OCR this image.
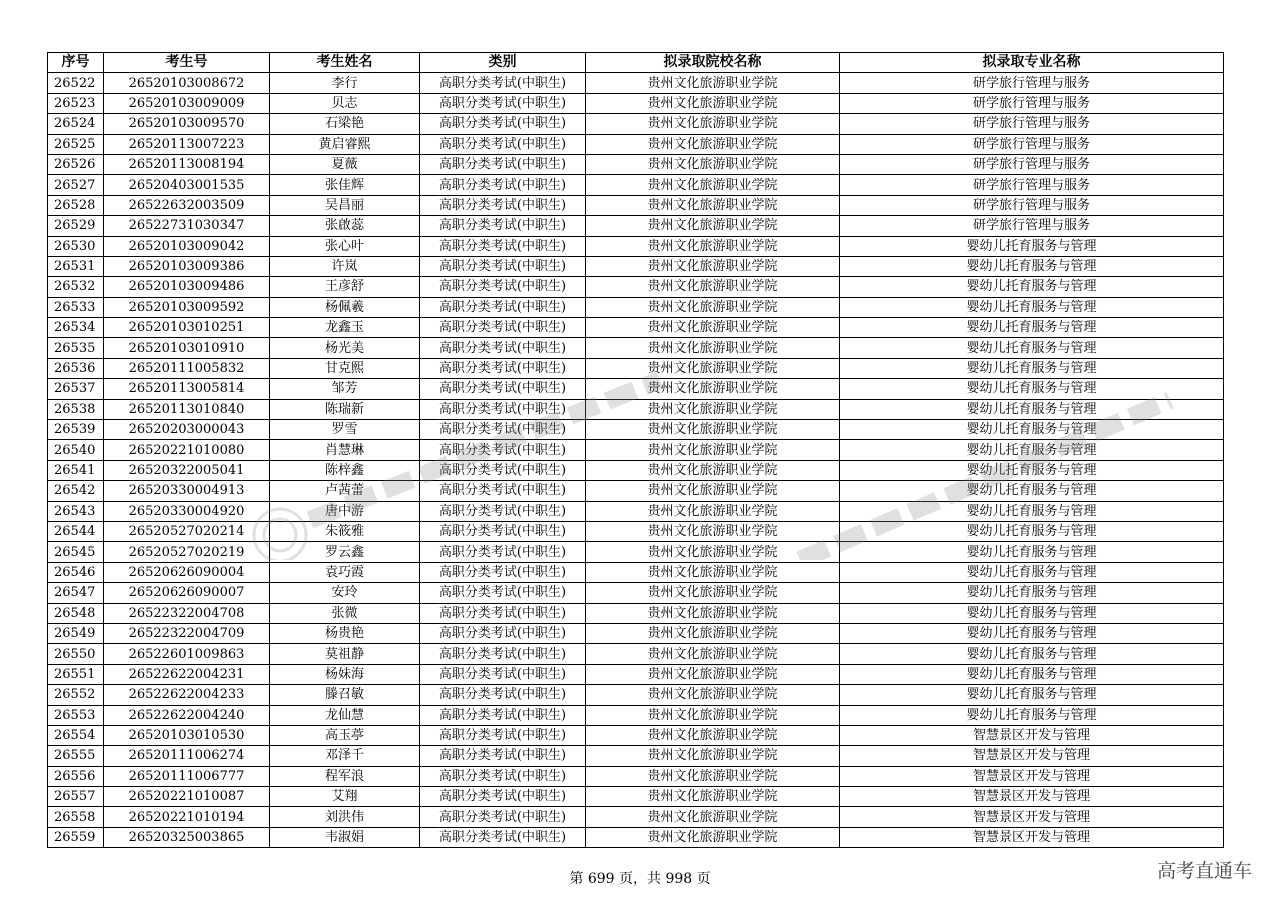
序号	考生号	考生姓名	类别	拟录取院校名称	拟录取专业名称
26522	26520103008672	李行	高职分类考试(中职生)	贵州文化旅游职业学院	研学旅行管理与服务
26523	26520103009009	贝志	高职分类考试(中职生)	贵州文化旅游职业学院	研学旅行管理与服务
26524	26520103009570	石梁艳	高职分类考试(中职生)	贵州文化旅游职业学院	研学旅行管理与服务
26525	26520113007223	黄启睿熙	高职分类考试(中职生)	贵州文化旅游职业学院	研学旅行管理与服务
26526	26520113008194	夏薇	高职分类考试(中职生)	贵州文化旅游职业学院	研学旅行管理与服务
26527	26520403001535	张佳辉	高职分类考试(中职生)	贵州文化旅游职业学院	研学旅行管理与服务
26528	26522632003509	吴昌丽	高职分类考试(中职生)	贵州文化旅游职业学院	研学旅行管理与服务
26529	26522731030347	张啟蕊	高职分类考试(中职生)	贵州文化旅游职业学院	研学旅行管理与服务
26530	26520103009042	张心叶	高职分类考试(中职生)	贵州文化旅游职业学院	婴幼儿托育服务与管理
26531	26520103009386	许岚	高职分类考试(中职生)	贵州文化旅游职业学院	婴幼儿托育服务与管理
26532	26520103009486	王彦舒	高职分类考试(中职生)	贵州文化旅游职业学院	婴幼儿托育服务与管理
26533	26520103009592	杨佩羲	高职分类考试(中职生)	贵州文化旅游职业学院	婴幼儿托育服务与管理
26534	26520103010251	龙鑫玉	高职分类考试(中职生)	贵州文化旅游职业学院	婴幼儿托育服务与管理
26535	26520103010910	杨光美	高职分类考试(中职生)	贵州文化旅游职业学院	婴幼儿托育服务与管理
26536	26520111005832	甘克熙	高职分类考试(中职生)	贵州文化旅游职业学院	婴幼儿托育服务与管理
26537	26520113005814	邹芳	高职分类考试(中职生)	贵州文化旅游职业学院	婴幼儿托育服务与管理
26538	26520113010840	陈瑞新	高职分类考试(中职生)	贵州文化旅游职业学院	婴幼儿托育服务与管理
26539	26520203000043	罗雪	高职分类考试(中职生)	贵州文化旅游职业学院	婴幼儿托育服务与管理
26540	26520221010080	肖慧琳	高职分类考试(中职生)	贵州文化旅游职业学院	婴幼儿托育服务与管理
26541	26520322005041	陈梓鑫	高职分类考试(中职生)	贵州文化旅游职业学院	婴幼儿托育服务与管理
26542	26520330004913	卢茜蕾	高职分类考试(中职生)	贵州文化旅游职业学院	婴幼儿托育服务与管理
26543	26520330004920	唐中游	高职分类考试(中职生)	贵州文化旅游职业学院	婴幼儿托育服务与管理
26544	26520527020214	朱筱雅	高职分类考试(中职生)	贵州文化旅游职业学院	婴幼儿托育服务与管理
26545	26520527020219	罗云鑫	高职分类考试(中职生)	贵州文化旅游职业学院	婴幼儿托育服务与管理
26546	26520626090004	袁巧霞	高职分类考试(中职生)	贵州文化旅游职业学院	婴幼儿托育服务与管理
26547	26520626090007	安玲	高职分类考试(中职生)	贵州文化旅游职业学院	婴幼儿托育服务与管理
26548	26522322004708	张微	高职分类考试(中职生)	贵州文化旅游职业学院	婴幼儿托育服务与管理
26549	26522322004709	杨贵艳	高职分类考试(中职生)	贵州文化旅游职业学院	婴幼儿托育服务与管理
26550	26522601009863	莫祖静	高职分类考试(中职生)	贵州文化旅游职业学院	婴幼儿托育服务与管理
26551	26522622004231	杨妹海	高职分类考试(中职生)	贵州文化旅游职业学院	婴幼儿托育服务与管理
26552	26522622004233	滕召敏	高职分类考试(中职生)	贵州文化旅游职业学院	婴幼儿托育服务与管理
26553	26522622004240	龙仙慧	高职分类考试(中职生)	贵州文化旅游职业学院	婴幼儿托育服务与管理
26554	26520103010530	高玉葶	高职分类考试(中职生)	贵州文化旅游职业学院	智慧景区开发与管理
26555	26520111006274	邓泽千	高职分类考试(中职生)	贵州文化旅游职业学院	智慧景区开发与管理
26556	26520111006777	程军浪	高职分类考试(中职生)	贵州文化旅游职业学院	智慧景区开发与管理
26557	26520221010087	艾翔	高职分类考试(中职生)	贵州文化旅游职业学院	智慧景区开发与管理
26558	26520221010194	刘洪伟	高职分类考试(中职生)	贵州文化旅游职业学院	智慧景区开发与管理
26559	26520325003865	韦淑娟	高职分类考试(中职生)	贵州文化旅游职业学院	智慧景区开发与管理
第 699 页，共 998 页	高考直通车
